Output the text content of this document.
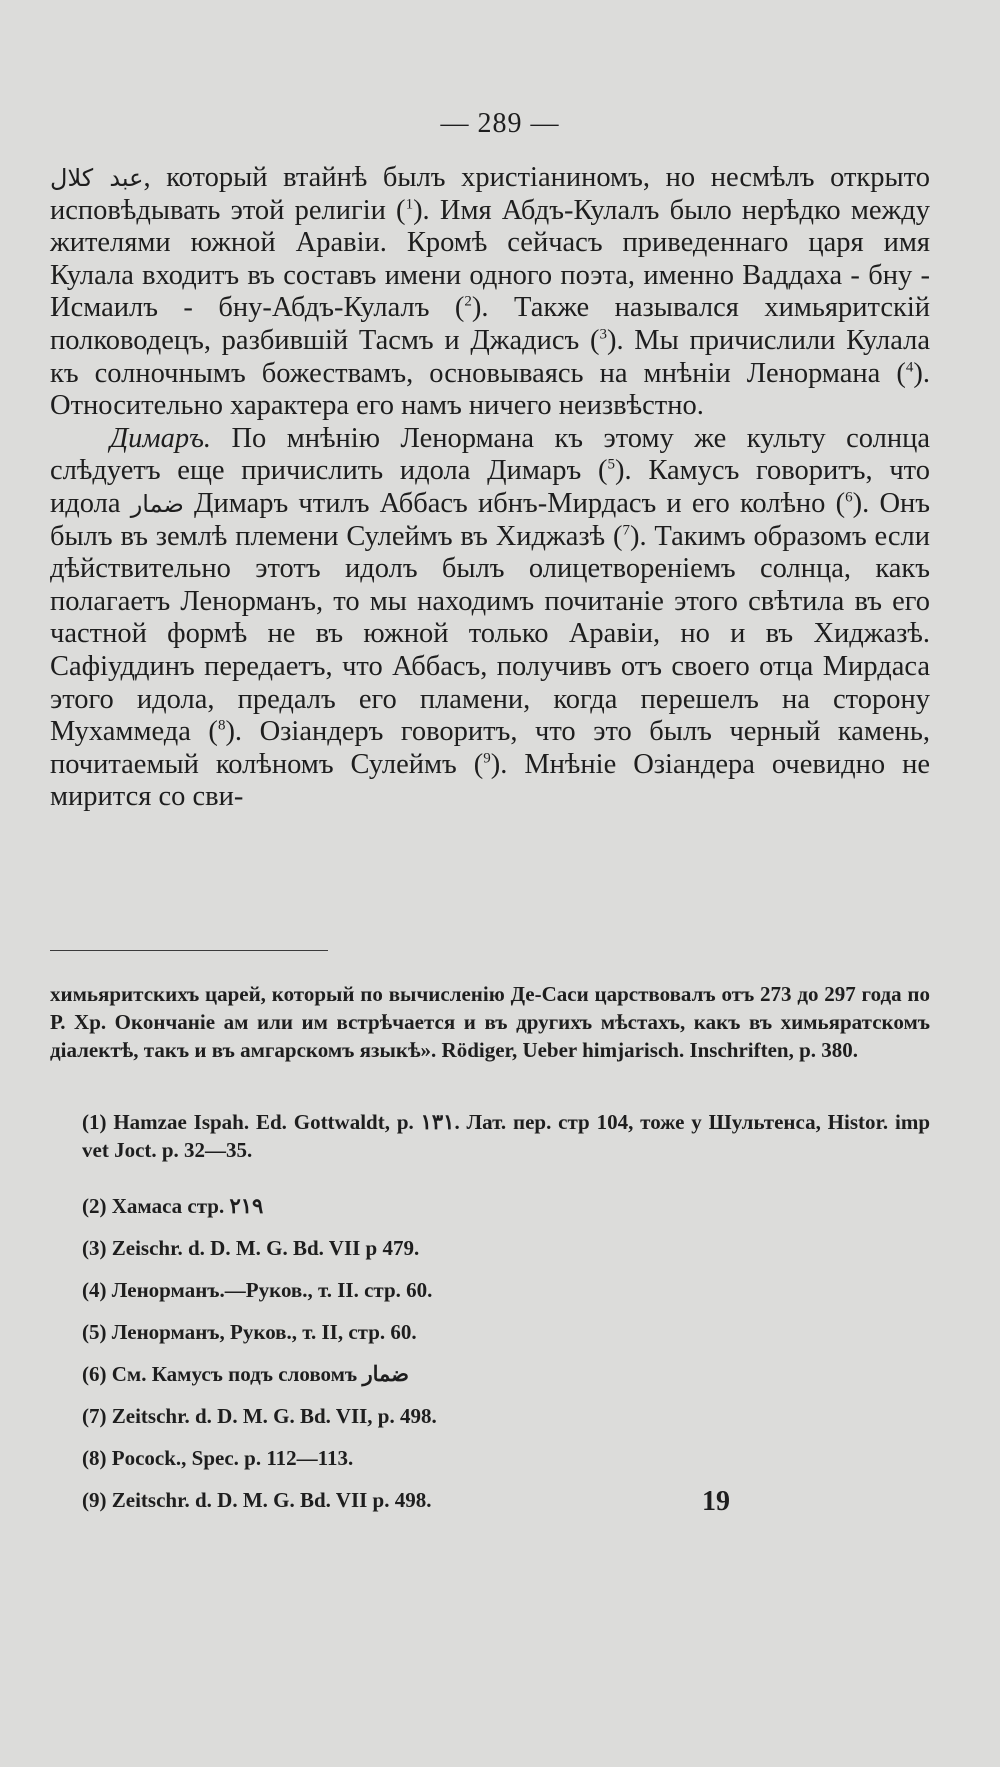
— 289 —

عبد كلال, который втайнѣ былъ христіаниномъ, но несмѣлъ открыто исповѣдывать этой религіи ($^1$). Имя Абдъ-Кулалъ было нерѣдко между жителями южной Аравіи. Кромѣ сейчасъ приведеннаго царя имя Кулала входитъ въ составъ имени одного поэта, именно Ваддаха - бну - Исмаилъ - бну-Абдъ-Кулалъ ($^2$). Также назывался химьяритскій полководецъ, разбившій Тасмъ и Джадисъ ($^3$). Мы причислили Кулала къ солночнымъ божествамъ, основываясь на мнѣніи Ленормана ($^4$). Относительно характера его намъ ничего неизвѣстно.

Димаръ. По мнѣнію Ленормана къ этому же культу солнца слѣдуетъ еще причислить идола Димаръ ($^5$). Камусъ говоритъ, что идола ضمار Димаръ чтилъ Аббасъ ибнъ-Мирдасъ и его колѣно ($^6$). Онъ былъ въ землѣ племени Сулеймъ въ Хиджазѣ ($^7$). Такимъ образомъ если дѣйствительно этотъ идолъ былъ олицетвореніемъ солнца, какъ полагаетъ Ленорманъ, то мы находимъ почитаніе этого свѣтила въ его частной формѣ не въ южной только Аравіи, но и въ Хиджазѣ. Сафіуддинъ передаетъ, что Аббасъ, получивъ отъ своего отца Мирдаса этого идола, предалъ его пламени, когда перешелъ на сторону Мухаммеда ($^8$). Озіандеръ говоритъ, что это былъ черный камень, почитаемый колѣномъ Сулеймъ ($^9$). Мнѣніе Озіандера очевидно не мирится со сви-

химьяритскихъ царей, который по вычисленію Де-Саси царствовалъ отъ 273 до 297 года по Р. Хр. Окончаніе ам или им встрѣчается и въ другихъ мѣстахъ, какъ въ химьяратскомъ діалектѣ, такъ и въ амгарскомъ языкѣ». Rödiger, Ueber himjarisch. Inschriften, p. 380.
(1) Hamzae Ispah. Ed. Gottwaldt, p. ١٣١. Лат. пер. стр 104, тоже у Шультенса, Histor. imp vet Joct. p. 32—35.
(2) Хамаса стр. ٢١٩
(3) Zeischr. d. D. M. G. Bd. VII p 479.
(4) Ленорманъ.—Руков., т. II. стр. 60.
(5) Ленорманъ, Руков., т. II, стр. 60.
(6) См. Камусъ подъ словомъ ضمار
(7) Zeitschr. d. D. M. G. Bd. VII, p. 498.
(8) Pocock., Spec. p. 112—113.
(9) Zeitschr. d. D. M. G. Bd. VII p. 498.	19
